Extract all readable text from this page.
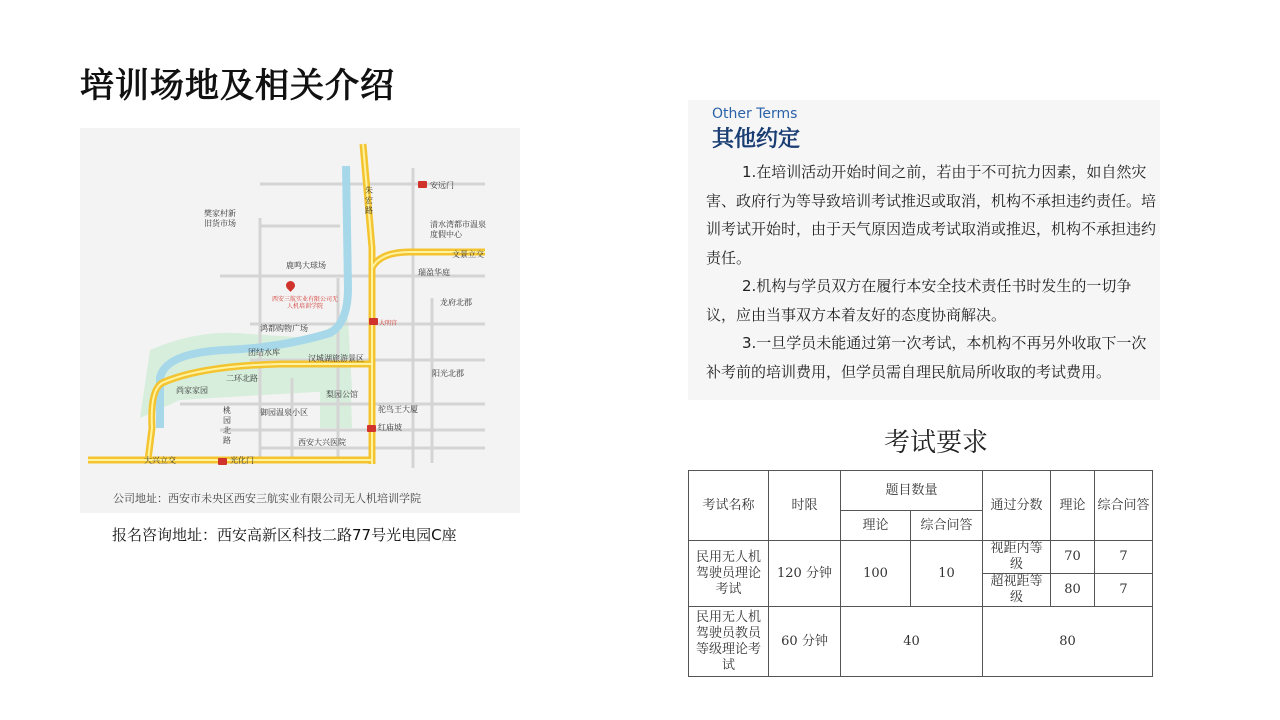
培训场地及相关介绍
樊家村新旧货市场
鹿鸣大球场
西安三航实业有限公司无人机培训学院
鸿都购物广场
团结水库
汉城湖旅游景区
二环北路
尚家家园	梨园公馆
桃园北路
御园温泉小区
西安大兴医院
大兴立交	光化门
朱宏路
安远门
清水湾都市温泉度假中心
文景立交
瑞盈华庭
龙府北郡
大明宫
阳光北郡
驼鸟王大厦
红庙坡
公司地址：西安市未央区西安三航实业有限公司无人机培训学院
报名咨询地址：西安高新区科技二路77号光电园C座
Other Terms
其他约定

1.在培训活动开始时间之前，若由于不可抗力因素，如自然灾害、政府行为等导致培训考试推迟或取消，机构不承担违约责任。培训考试开始时，由于天气原因造成考试取消或推迟，机构不承担违约责任。

2.机构与学员双方在履行本安全技术责任书时发生的一切争议，应由当事双方本着友好的态度协商解决。

3.一旦学员未能通过第一次考试，本机构不再另外收取下一次补考前的培训费用，但学员需自理民航局所收取的考试费用。

考试要求
考试名称	时限	题目数量		通过分数	理论	综合问答
		理论	综合问答			
民用无人机驾驶员理论考试	120 分钟	100	10	视距内等级	70	7
				超视距等级	80	7
民用无人机驾驶员教员等级理论考试	60 分钟	40		80		
